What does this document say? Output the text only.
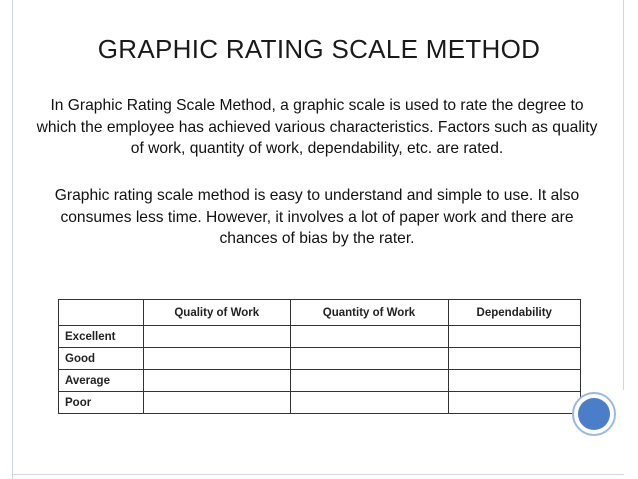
GRAPHIC RATING SCALE METHOD
In Graphic Rating Scale Method, a graphic scale is used to rate the degree to which the employee has achieved various characteristics. Factors such as quality of work, quantity of work, dependability, etc. are rated.
Graphic rating scale method is easy to understand and simple to use. It also consumes less time. However, it involves a lot of paper work and there are chances of bias by the rater.
	Quality of Work	Quantity of Work	Dependability
Excellent			
Good			
Average			
Poor			
